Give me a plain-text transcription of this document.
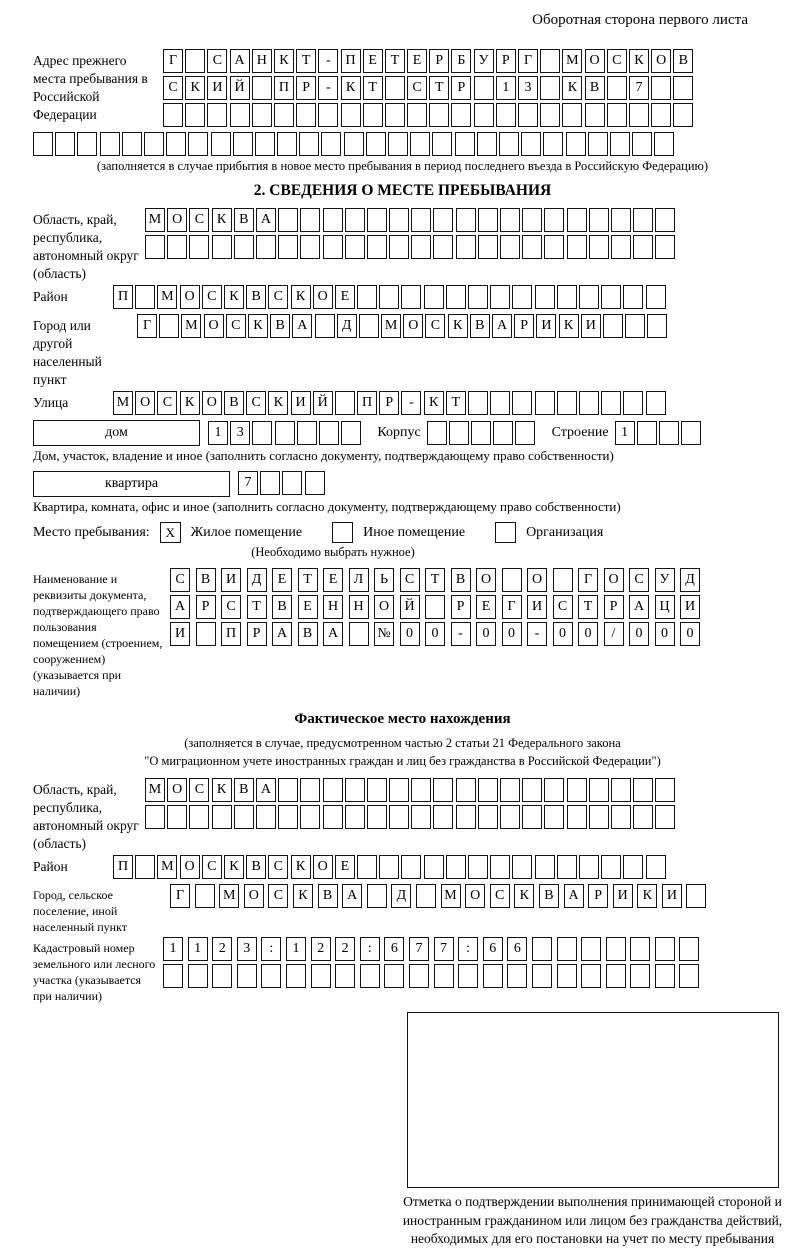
Оборотная сторона первого листа
Адрес прежнего места пребывания в Российской Федерации
Г	С А Н К Т	-	П Е Т Е	Р	Б У Р	Г	М О С К О В
С К И Й	П Р	-	К Т	С Т	Р	1	3	К В	7
(заполняется в случае прибытия в новое место пребывания в период последнего въезда в Российскую Федерацию)
2. СВЕДЕНИЯ О МЕСТЕ ПРЕБЫВАНИЯ
Область, край, республика, автономный округ (область)
М О С К В А
Район	П	М О С К В С К О Е
Город или другой населенный пункт
Г	М О С К В А	Д	М О С К В А Р И К И
Улица	М О С К О В С К И Й	П Р	-	К Т
дом	1	3	Корпус	Строение 1
Дом, участок, владение и иное (заполнить согласно документу, подтверждающему право собственности)
квартира	7
Квартира, комната, офис и иное (заполнить согласно документу, подтверждающему право собственности)
Место пребывания:	X	Жилое помещение	Иное помещение	Организация
(Необходимо выбрать нужное)
Наименование и реквизиты документа, подтверждающего право пользования помещением (строением, сооружением) (указывается при наличии)
С	В	И	Д	Е	Т	Е	Л	Ь	С	Т	В	О	О	Г	О	С	У	Д
А	Р	С	Т	В	Е	Н	Н	О	Й	Р	Е	Г	И	С	Т	Р	А	Ц	И
И	П	Р	А	В	А	№	0	0	-	0	0	-	0	0	/	0	0	0
Фактическое место нахождения
(заполняется в случае, предусмотренном частью 2 статьи 21 Федерального закона
"О миграционном учете иностранных граждан и лиц без гражданства в Российской Федерации")
Область, край, республика, автономный округ (область)
М О С К В А
Район	П	М О С К В С К О Е
Город, сельское поселение, иной населенный пункт
Г	М О	С	К	В	А	Д	М О	С	К	В	А	Р	И	К	И
Кадастровый номер земельного или лесного участка (указывается при наличии)
1	1	2	3	:	1	2	2	:	6	7	7	:	6	6
Отметка о подтверждении выполнения принимающей стороной и иностранным гражданином или лицом без гражданства действий, необходимых для его постановки на учет по месту пребывания
